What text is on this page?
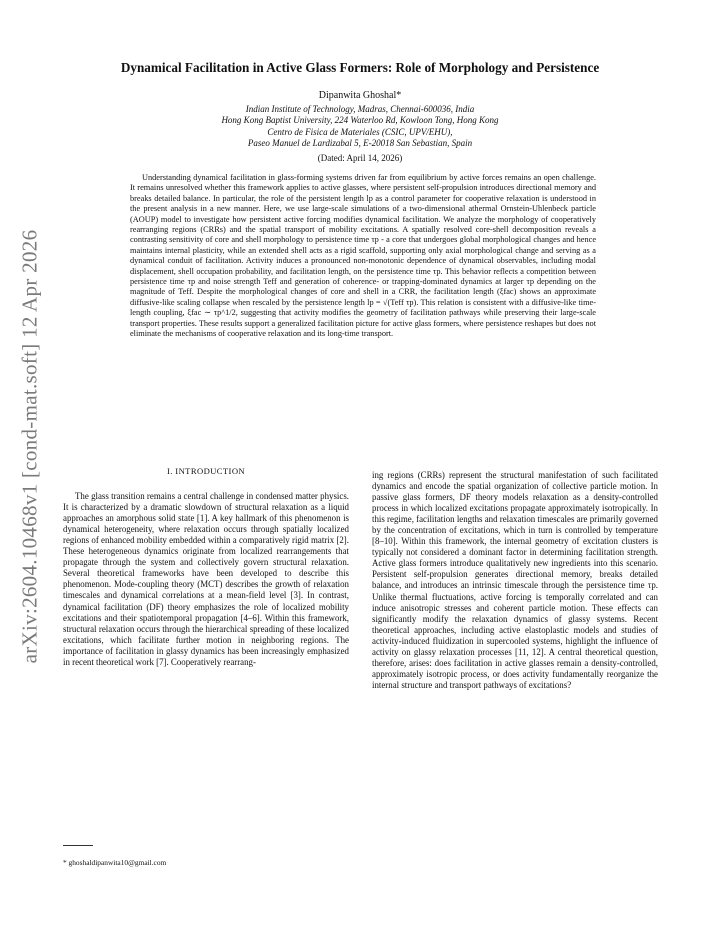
arXiv:2604.10468v1 [cond-mat.soft] 12 Apr 2026
Dynamical Facilitation in Active Glass Formers: Role of Morphology and Persistence
Dipanwita Ghoshal*
Indian Institute of Technology, Madras, Chennai-600036, India
Hong Kong Baptist University, 224 Waterloo Rd, Kowloon Tong, Hong Kong
Centro de Fisica de Materiales (CSIC, UPV/EHU),
Paseo Manuel de Lardizabal 5, E-20018 San Sebastian, Spain
(Dated: April 14, 2026)

Understanding dynamical facilitation in glass-forming systems driven far from equilibrium by active forces remains an open challenge. It remains unresolved whether this framework applies to active glasses, where persistent self-propulsion introduces directional memory and breaks detailed balance. In particular, the role of the persistent length lp as a control parameter for cooperative relaxation is understood in the present analysis in a new manner. Here, we use large-scale simulations of a two-dimensional athermal Ornstein-Uhlenbeck particle (AOUP) model to investigate how persistent active forcing modifies dynamical facilitation. We analyze the morphology of cooperatively rearranging regions (CRRs) and the spatial transport of mobility excitations. A spatially resolved core-shell decomposition reveals a contrasting sensitivity of core and shell morphology to persistence time τp - a core that undergoes global morphological changes and hence maintains internal plasticity, while an extended shell acts as a rigid scaffold, supporting only axial morphological change and serving as a dynamical conduit of facilitation. Activity induces a pronounced non-monotonic dependence of dynamical observables, including modal displacement, shell occupation probability, and facilitation length, on the persistence time τp. This behavior reflects a competition between persistence time τp and noise strength Teff and generation of coherence- or trapping-dominated dynamics at larger τp depending on the magnitude of Teff. Despite the morphological changes of core and shell in a CRR, the facilitation length (ξfac) shows an approximate diffusive-like scaling collapse when rescaled by the persistence length lp = √(Teff τp). This relation is consistent with a diffusive-like time-length coupling, ξfac ∼ τp^1/2, suggesting that activity modifies the geometry of facilitation pathways while preserving their large-scale transport properties. These results support a generalized facilitation picture for active glass formers, where persistence reshapes but does not eliminate the mechanisms of cooperative relaxation and its long-time transport.

I. INTRODUCTION

The glass transition remains a central challenge in condensed matter physics. It is characterized by a dramatic slowdown of structural relaxation as a liquid approaches an amorphous solid state [1]. A key hallmark of this phenomenon is dynamical heterogeneity, where relaxation occurs through spatially localized regions of enhanced mobility embedded within a comparatively rigid matrix [2]. These heterogeneous dynamics originate from localized rearrangements that propagate through the system and collectively govern structural relaxation. Several theoretical frameworks have been developed to describe this phenomenon. Mode-coupling theory (MCT) describes the growth of relaxation timescales and dynamical correlations at a mean-field level [3]. In contrast, dynamical facilitation (DF) theory emphasizes the role of localized mobility excitations and their spatiotemporal propagation [4–6]. Within this framework, structural relaxation occurs through the hierarchical spreading of these localized excitations, which facilitate further motion in neighboring regions. The importance of facilitation in glassy dynamics has been increasingly emphasized in recent theoretical work [7]. Cooperatively rearrang-

ing regions (CRRs) represent the structural manifestation of such facilitated dynamics and encode the spatial organization of collective particle motion. In passive glass formers, DF theory models relaxation as a density-controlled process in which localized excitations propagate approximately isotropically. In this regime, facilitation lengths and relaxation timescales are primarily governed by the concentration of excitations, which in turn is controlled by temperature [8–10]. Within this framework, the internal geometry of excitation clusters is typically not considered a dominant factor in determining facilitation strength. Active glass formers introduce qualitatively new ingredients into this scenario. Persistent self-propulsion generates directional memory, breaks detailed balance, and introduces an intrinsic timescale through the persistence time τp. Unlike thermal fluctuations, active forcing is temporally correlated and can induce anisotropic stresses and coherent particle motion. These effects can significantly modify the relaxation dynamics of glassy systems. Recent theoretical approaches, including active elastoplastic models and studies of activity-induced fluidization in supercooled systems, highlight the influence of activity on glassy relaxation processes [11, 12]. A central theoretical question, therefore, arises: does facilitation in active glasses remain a density-controlled, approximately isotropic process, or does activity fundamentally reorganize the internal structure and transport pathways of excitations?

* ghoshaldipanwita10@gmail.com
